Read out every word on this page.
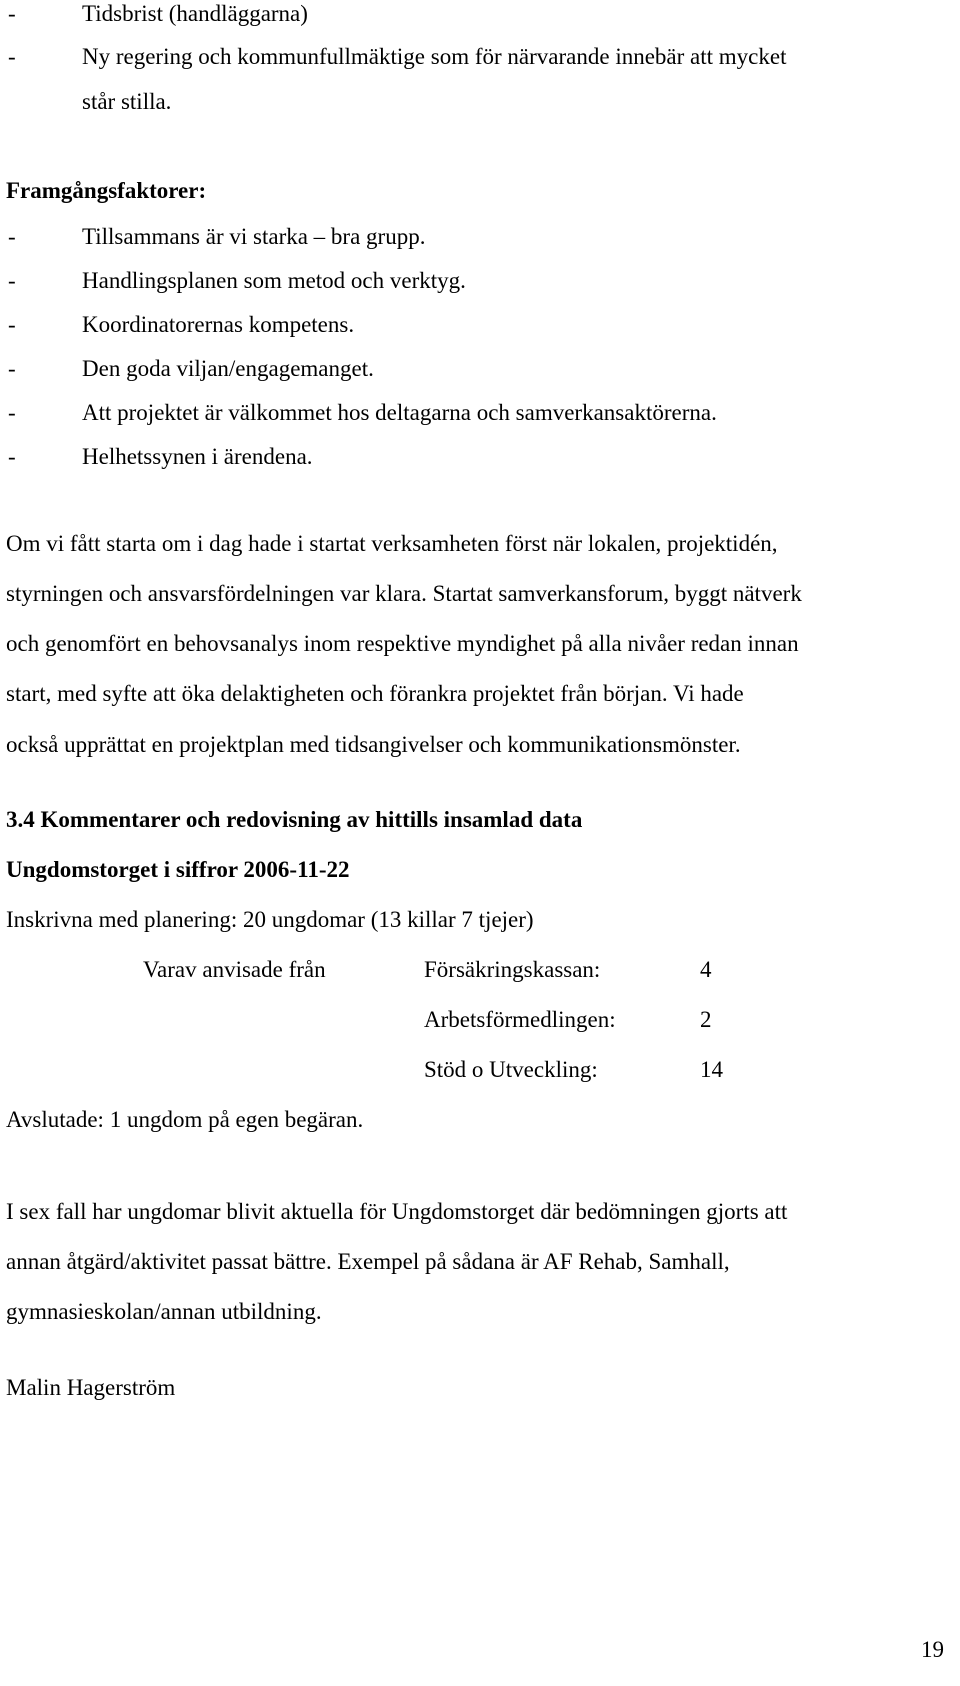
-	Tidsbrist (handläggarna)
-	Ny regering och kommunfullmäktige som för närvarande innebär att mycket
står stilla.
Framgångsfaktorer:
-	Tillsammans är vi starka – bra grupp.
-	Handlingsplanen som metod och verktyg.
-	Koordinatorernas kompetens.
-	Den goda viljan/engagemanget.
-	Att projektet är välkommet hos deltagarna och samverkansaktörerna.
-	Helhetssynen i ärendena.
Om vi fått starta om i dag hade i startat verksamheten först när lokalen, projektidén,
styrningen och ansvarsfördelningen var klara. Startat samverkansforum, byggt nätverk
och genomfört en behovsanalys inom respektive myndighet på alla nivåer redan innan
start, med syfte att öka delaktigheten och förankra projektet från början. Vi hade
också upprättat en projektplan med tidsangivelser och kommunikationsmönster.
3.4 Kommentarer och redovisning av hittills insamlad data
Ungdomstorget i siffror 2006-11-22
Inskrivna med planering: 20 ungdomar (13 killar 7 tjejer)
Varav anvisade från	Försäkringskassan:	4
Arbetsförmedlingen:	2
Stöd o Utveckling:	14
Avslutade: 1 ungdom på egen begäran.
I sex fall har ungdomar blivit aktuella för Ungdomstorget där bedömningen gjorts att
annan åtgärd/aktivitet passat bättre. Exempel på sådana är AF Rehab, Samhall,
gymnasieskolan/annan utbildning.
Malin Hagerström
19
